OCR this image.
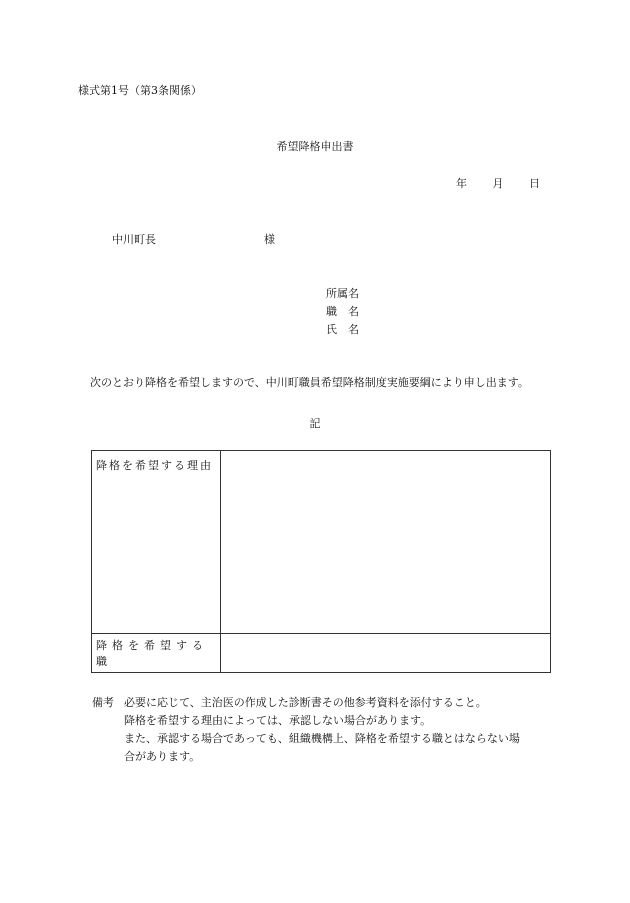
様式第1号（第3条関係）
希望降格申出書
年 月 日
中川町長	様
所属名
職　名
氏　名
次のとおり降格を希望しますので、中川町職員希望降格制度実施要綱により申し出ます。
記
降格を希望する理由	
降格を希望する職	
備考 必要に応じて、主治医の作成した診断書その他参考資料を添付すること。
降格を希望する理由によっては、承認しない場合があります。
また、承認する場合であっても、組織機構上、降格を希望する職とはならない場
合があります。
